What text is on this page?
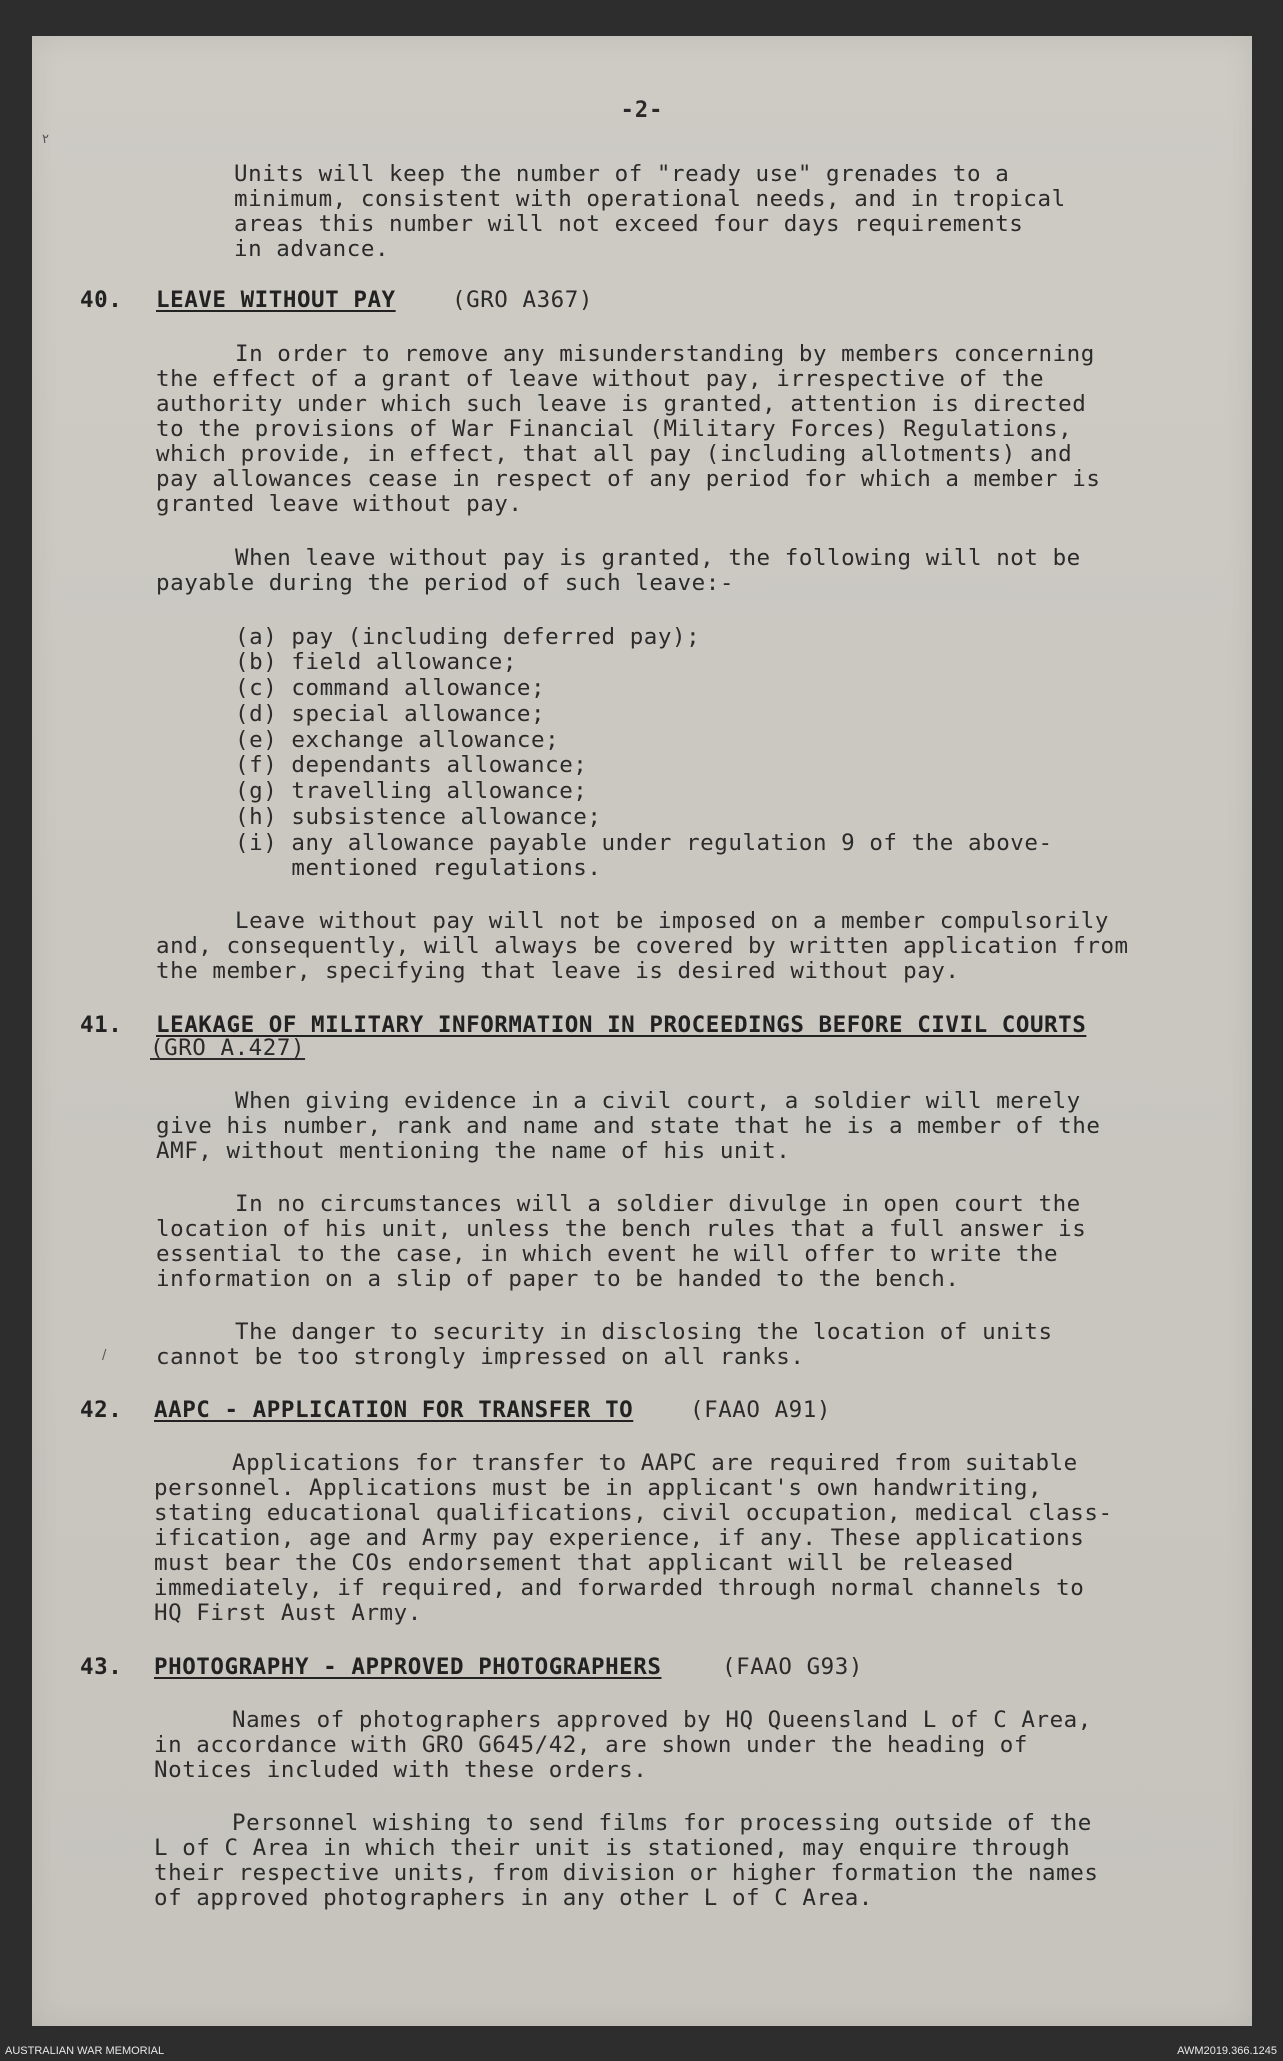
٢
/
-2-
Units will keep the number of "ready use" grenades to a
minimum, consistent with operational needs, and in tropical
areas this number will not exceed four days requirements
in advance.
40. LEAVE WITHOUT PAY	(GRO A367)
In order to remove any misunderstanding by members concerning
the effect of a grant of leave without pay, irrespective of the
authority under which such leave is granted, attention is directed
to the provisions of War Financial (Military Forces) Regulations,
which provide, in effect, that all pay (including allotments) and
pay allowances cease in respect of any period for which a member is
granted leave without pay.
When leave without pay is granted, the following will not be
payable during the period of such leave:-
(a) pay (including deferred pay);
(b) field allowance;
(c) command allowance;
(d) special allowance;
(e) exchange allowance;
(f) dependants allowance;
(g) travelling allowance;
(h) subsistence allowance;
(i) any allowance payable under regulation 9 of the above-
mentioned regulations.
Leave without pay will not be imposed on a member compulsorily
and, consequently, will always be covered by written application from
the member, specifying that leave is desired without pay.
41. LEAKAGE OF MILITARY INFORMATION IN PROCEEDINGS BEFORE CIVIL COURTS
(GRO A.427)
When giving evidence in a civil court, a soldier will merely
give his number, rank and name and state that he is a member of the
AMF, without mentioning the name of his unit.
In no circumstances will a soldier divulge in open court the
location of his unit, unless the bench rules that a full answer is
essential to the case, in which event he will offer to write the
information on a slip of paper to be handed to the bench.
The danger to security in disclosing the location of units
cannot be too strongly impressed on all ranks.
42. AAPC - APPLICATION FOR TRANSFER TO	(FAAO A91)
Applications for transfer to AAPC are required from suitable
personnel. Applications must be in applicant's own handwriting,
stating educational qualifications, civil occupation, medical class-
ification, age and Army pay experience, if any. These applications
must bear the COs endorsement that applicant will be released
immediately, if required, and forwarded through normal channels to
HQ First Aust Army.
43. PHOTOGRAPHY - APPROVED PHOTOGRAPHERS	(FAAO G93)
Names of photographers approved by HQ Queensland L of C Area,
in accordance with GRO G645/42, are shown under the heading of
Notices included with these orders.
Personnel wishing to send films for processing outside of the
L of C Area in which their unit is stationed, may enquire through
their respective units, from division or higher formation the names
of approved photographers in any other L of C Area.
AUSTRALIAN WAR MEMORIAL	AWM2019.366.1245
